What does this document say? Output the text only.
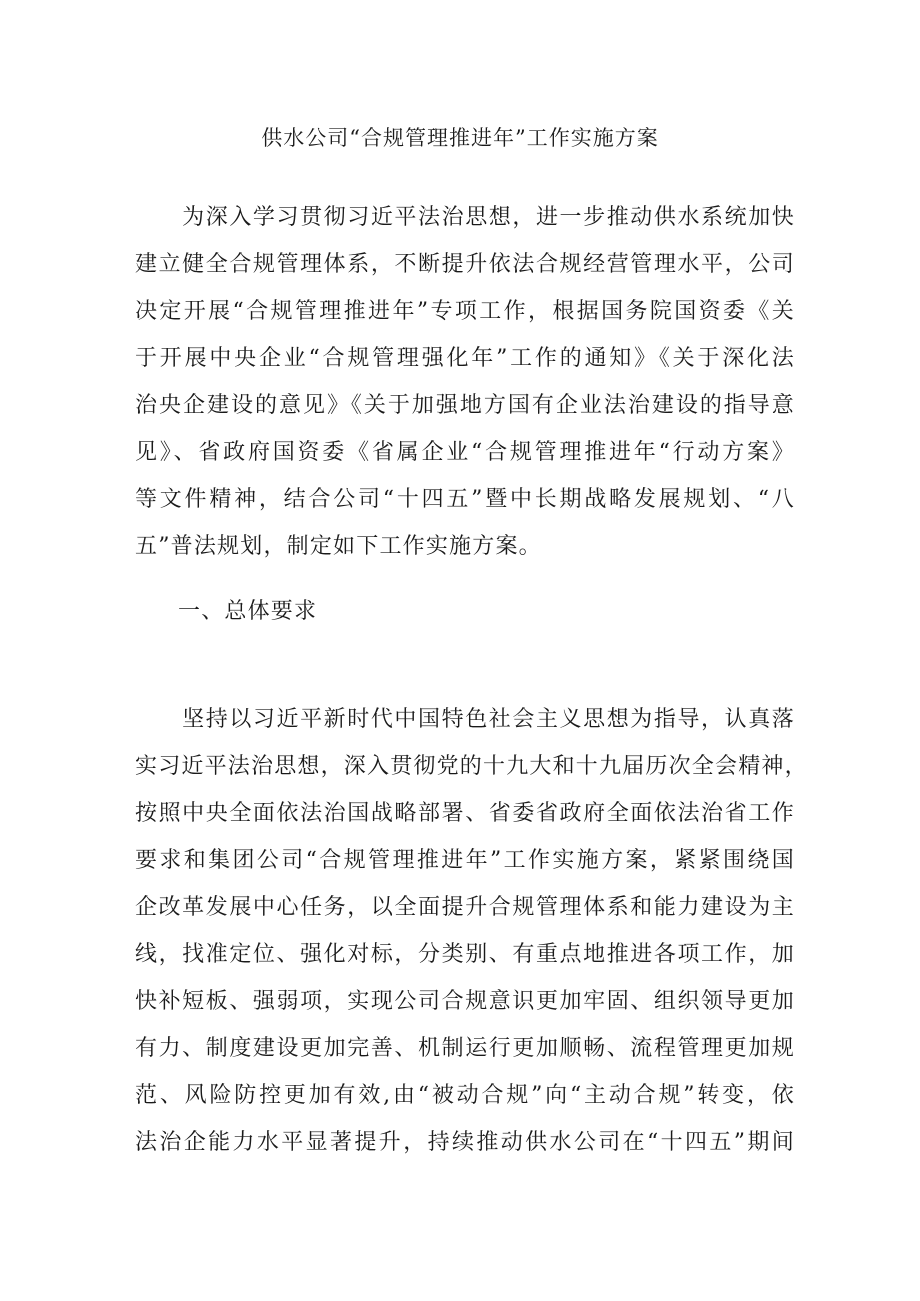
供水公司“合规管理推进年”工作实施方案
　　为深入学习贯彻习近平法治思想，进一步推动供水系统加快
建立健全合规管理体系，不断提升依法合规经营管理水平，公司
决定开展“合规管理推进年”专项工作，根据国务院国资委《关
于开展中央企业“合规管理强化年”工作的通知》《关于深化法
治央企建设的意见》《关于加强地方国有企业法治建设的指导意
见》、省政府国资委《省属企业“合规管理推进年“行动方案》
等文件精神，结合公司“十四五”暨中长期战略发展规划、“八
五”普法规划，制定如下工作实施方案。
一、总体要求
　　坚持以习近平新时代中国特色社会主义思想为指导，认真落
实习近平法治思想，深入贯彻党的十九大和十九届历次全会精神，
按照中央全面依法治国战略部署、省委省政府全面依法治省工作
要求和集团公司“合规管理推进年”工作实施方案，紧紧围绕国
企改革发展中心任务，以全面提升合规管理体系和能力建设为主
线，找准定位、强化对标，分类别、有重点地推进各项工作，加
快补短板、强弱项，实现公司合规意识更加牢固、组织领导更加
有力、制度建设更加完善、机制运行更加顺畅、流程管理更加规
范、风险防控更加有效,由“被动合规”向“主动合规”转变，依
法治企能力水平显著提升，持续推动供水公司在“十四五”期间
